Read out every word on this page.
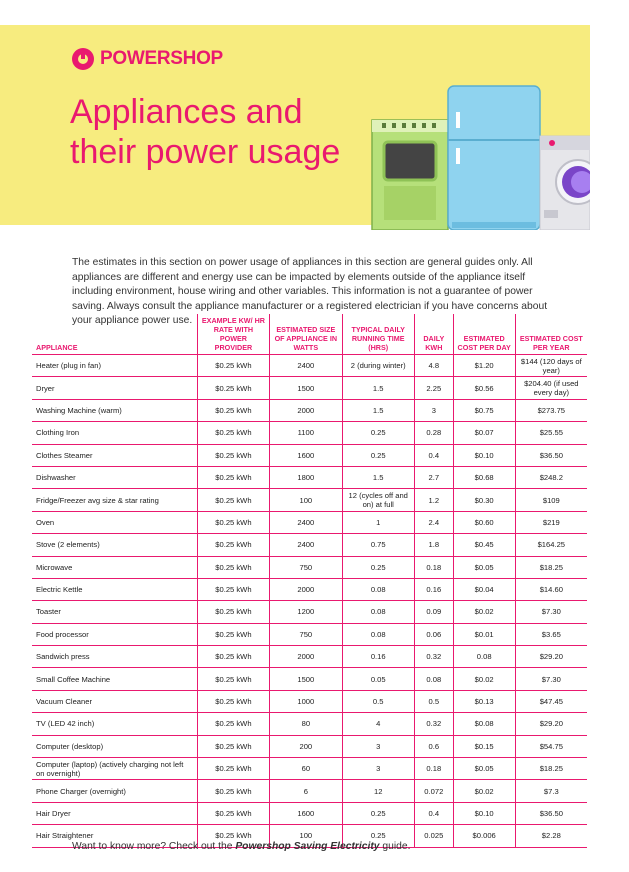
POWERSHOP
Appliances and
their power usage

The estimates in this section on power usage of appliances in this section are general guides only. All appliances are different and energy use can be impacted by elements outside of the appliance itself including environment, house wiring and other variables. This information is not a guarantee of power saving. Always consult the appliance manufacturer or a registered electrician if you have concerns about your appliance power use.

APPLIANCE	EXAMPLE KW/ HR RATE WITH POWER PROVIDER	ESTIMATED SIZE OF APPLIANCE IN WATTS	TYPICAL DAILY RUNNING TIME (HRS)	DAILY KWH	ESTIMATED COST PER DAY	ESTIMATED COST PER YEAR
Heater (plug in fan)	$0.25 kWh	2400	2 (during winter)	4.8	$1.20	$144 (120 days of year)
Dryer	$0.25 kWh	1500	1.5	2.25	$0.56	$204.40 (if used every day)
Washing Machine (warm)	$0.25 kWh	2000	1.5	3	$0.75	$273.75
Clothing Iron	$0.25 kWh	1100	0.25	0.28	$0.07	$25.55
Clothes Steamer	$0.25 kWh	1600	0.25	0.4	$0.10	$36.50
Dishwasher	$0.25 kWh	1800	1.5	2.7	$0.68	$248.2
Fridge/Freezer avg size & star rating	$0.25 kWh	100	12 (cycles off and on) at full	1.2	$0.30	$109
Oven	$0.25 kWh	2400	1	2.4	$0.60	$219
Stove (2 elements)	$0.25 kWh	2400	0.75	1.8	$0.45	$164.25
Microwave	$0.25 kWh	750	0.25	0.18	$0.05	$18.25
Electric Kettle	$0.25 kWh	2000	0.08	0.16	$0.04	$14.60
Toaster	$0.25 kWh	1200	0.08	0.09	$0.02	$7.30
Food processor	$0.25 kWh	750	0.08	0.06	$0.01	$3.65
Sandwich press	$0.25 kWh	2000	0.16	0.32	0.08	$29.20
Small Coffee Machine	$0.25 kWh	1500	0.05	0.08	$0.02	$7.30
Vacuum Cleaner	$0.25 kWh	1000	0.5	0.5	$0.13	$47.45
TV (LED 42 inch)	$0.25 kWh	80	4	0.32	$0.08	$29.20
Computer (desktop)	$0.25 kWh	200	3	0.6	$0.15	$54.75
Computer (laptop) (actively charging not left on overnight)	$0.25 kWh	60	3	0.18	$0.05	$18.25
Phone Charger (overnight)	$0.25 kWh	6	12	0.072	$0.02	$7.3
Hair Dryer	$0.25 kWh	1600	0.25	0.4	$0.10	$36.50
Hair Straightener	$0.25 kWh	100	0.25	0.025	$0.006	$2.28
Want to know more? Check out the Powershop Saving Electricity guide.
